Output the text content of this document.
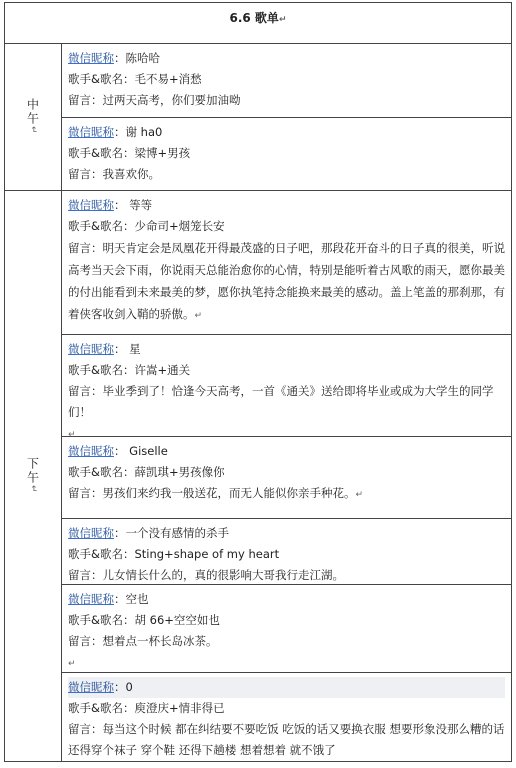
6.6 歌单↵
中午
↵
微信昵称：陈哈哈
歌手&歌名：毛不易+消愁
留言：过两天高考，你们要加油呦
微信昵称：谢 ha0
歌手&歌名：梁博+男孩
留言：我喜欢你。
下午
↵
微信昵称： 等等
歌手&歌名：少命司+烟笼长安
留言：明天肯定会是凤凰花开得最茂盛的日子吧，那段花开奋斗的日子真的很美，听说高考当天会下雨，你说雨天总能治愈你的心情，特别是能听着古风歌的雨天，愿你最美的付出能看到未来最美的梦，愿你执笔持念能换来最美的感动。盖上笔盖的那刹那，有着侠客收剑入鞘的骄傲。↵
微信昵称： 星
歌手&歌名：许嵩+通关
留言：毕业季到了！恰逢今天高考，一首《通关》送给即将毕业或成为大学生的同学们！
↵
微信昵称： Giselle
歌手&歌名：薛凯琪+男孩像你
留言：男孩们来约我一般送花，而无人能似你亲手种花。↵
微信昵称：一个没有感情的杀手
歌手&歌名：Sting+shape of my heart
留言：儿女情长什么的，真的很影响大哥我行走江湖。
微信昵称：空也
歌手&歌名：胡 66+空空如也
留言：想着点一杯长岛冰茶。
↵
微信昵称：0
歌手&歌名：庾澄庆+情非得已
留言：每当这个时候 都在纠结要不要吃饭 吃饭的话又要换衣服 想要形象没那么糟的话 还得穿个袜子 穿个鞋 还得下趟楼 想着想着 就不饿了
